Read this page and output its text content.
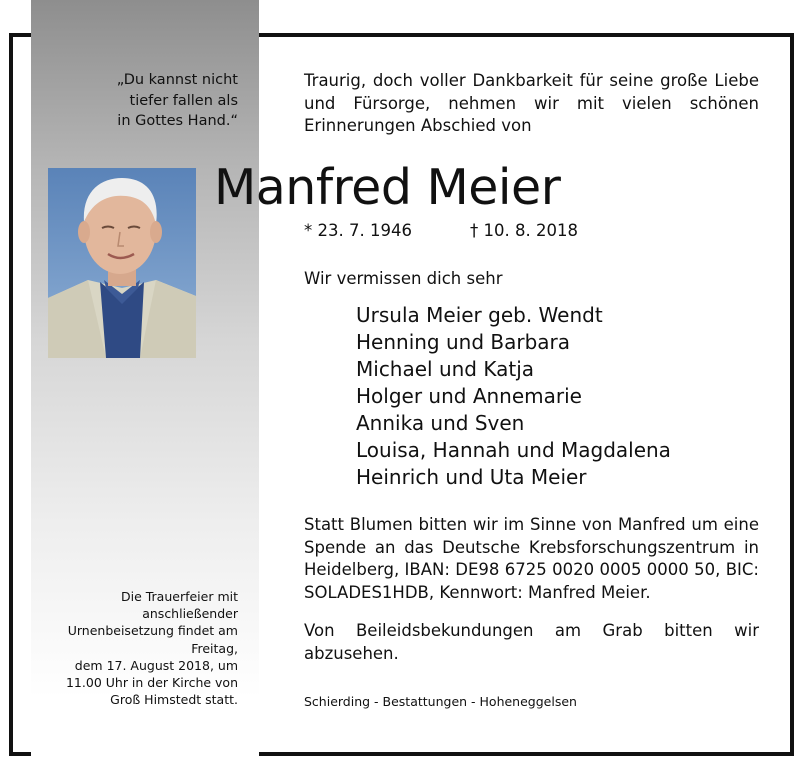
„Du kannst nicht
tiefer fallen als
in Gottes Hand.“
Die Trauerfeier mit
anschließender
Urnenbeisetzung findet am
Freitag,
dem 17. August 2018, um
11.00 Uhr in der Kirche von
Groß Himstedt statt.
Traurig, doch voller Dankbarkeit für seine große Liebe und Fürsorge, nehmen wir mit vielen schönen Erinnerungen Abschied von
Manfred Meier
* 23. 7. 1946	† 10. 8. 2018
Wir vermissen dich sehr
Ursula Meier geb. Wendt
Henning und Barbara
Michael und Katja
Holger und Annemarie
Annika und Sven
Louisa, Hannah und Magdalena
Heinrich und Uta Meier
Statt Blumen bitten wir im Sinne von Manfred um eine Spende an das Deutsche Krebsforschungszentrum in Heidelberg, IBAN: DE98 6725 0020 0005 0000 50, BIC: SOLADES1HDB, Kennwort: Manfred Meier.
Von Beileidsbekundungen am Grab bitten wir abzusehen.
Schierding - Bestattungen - Hoheneggelsen
